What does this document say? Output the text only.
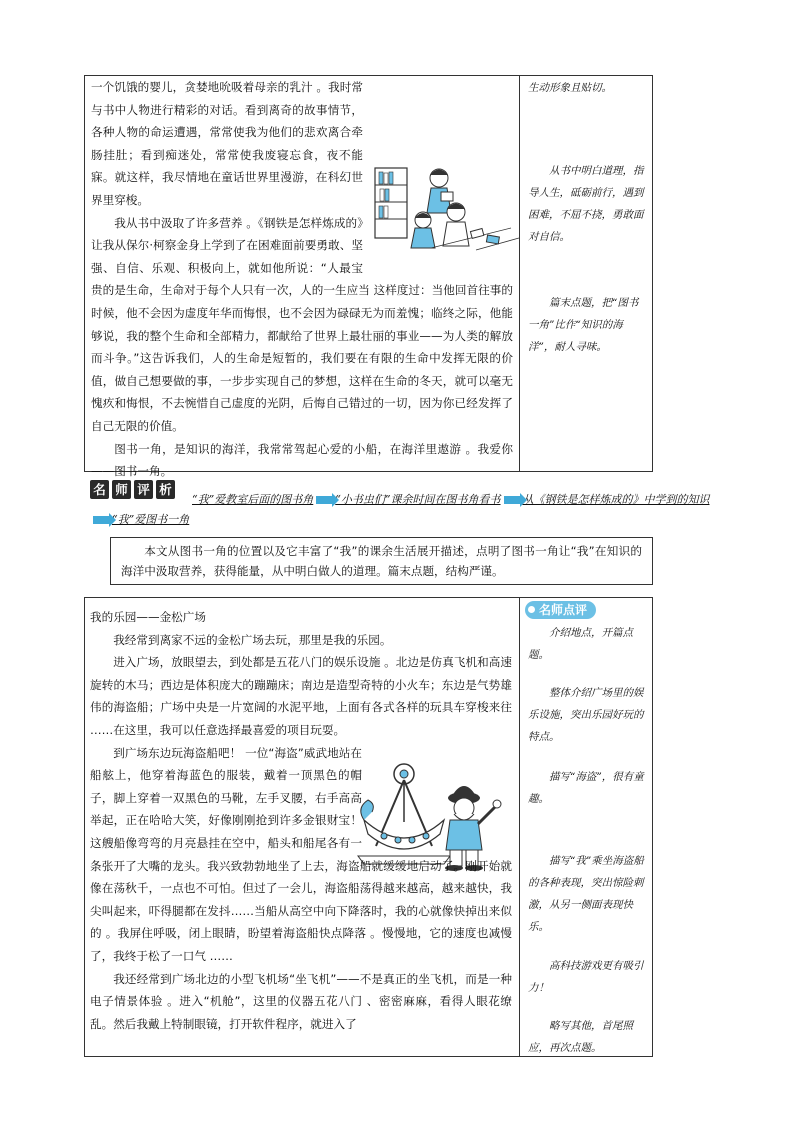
一个饥饿的婴儿，贪婪地吮吸着母亲的乳汁 。我时常与书中人物进行精彩的对话。看到离奇的故事情节，各种人物的命运遭遇，常常使我为他们的悲欢离合牵肠挂肚；看到痴迷处，常常使我废寝忘食，夜不能寐。就这样，我尽情地在童话世界里漫游，在科幻世界里穿梭。

我从书中汲取了许多营养 。《钢铁是怎样炼成的》让我从保尔·柯察金身上学到了在困难面前要勇敢、坚强、自信、乐观、积极向上，就如他所说：“人最宝贵的是生命，生命对于每个人只有一次，人的一生应当 这样度过：当他回首往事的时候，他不会因为虚度年华而悔恨，也不会因为碌碌无为而羞愧；临终之际，他能够说，我的整个生命和全部精力，都献给了世界上最壮丽的事业——为人类的解放而斗争。”这告诉我们，人的生命是短暂的，我们要在有限的生命中发挥无限的价值，做自己想要做的事，一步步实现自己的梦想，这样在生命的冬天，就可以毫无愧疚和悔恨，不去惋惜自己虚度的光阴，后悔自己错过的一切，因为你已经发挥了自己无限的价值。

图书一角，是知识的海洋，我常常驾起心爱的小船，在海洋里遨游 。我爱你——图书一角。

生动形象且贴切。
从书中明白道理，指导人生，砥砺前行，遇到困难，不屈不挠，勇敢面对自信。
篇末点题，把“图书一角”比作“知识的海洋”，耐人寻味。
名 师 评 析
“我”爱教室后面的图书角 “小书虫们”课余时间在图书角看书 从《钢铁是怎样炼成的》中学到的知识“我”爱图书一角
本文从图书一角的位置以及它丰富了“我”的课余生活展开描述，点明了图书一角让“我”在知识的海洋中汲取营养，获得能量，从中明白做人的道理。篇末点题，结构严谨。
名师点评

我的乐园——金松广场

我经常到离家不远的金松广场去玩，那里是我的乐园。

进入广场，放眼望去，到处都是五花八门的娱乐设施 。北边是仿真飞机和高速旋转的木马；西边是体积庞大的蹦蹦床；南边是造型奇特的小火车；东边是气势雄伟的海盗船；广场中央是一片宽阔的水泥平地，上面有各式各样的玩具车穿梭来往 ……在这里，我可以任意选择最喜爱的项目玩耍。

到广场东边玩海盗船吧！ 一位“海盗”威武地站在船舷上，他穿着海蓝色的服装，戴着一顶黑色的帽子，脚上穿着一双黑色的马靴，左手叉腰，右手高高举起，正在哈哈大笑，好像刚刚抢到许多金银财宝！这艘船像弯弯的月亮悬挂在空中，船头和船尾各有一条张开了大嘴的龙头。我兴致勃勃地坐了上去，海盗船就缓缓地启动了。刚开始就像在荡秋千，一点也不可怕。但过了一会儿，海盗船荡得越来越高，越来越快，我尖叫起来，吓得腿都在发抖……当船从高空中向下降落时，我的心就像快掉出来似的 。我屏住呼吸，闭上眼睛，盼望着海盗船快点降落 。慢慢地，它的速度也减慢了，我终于松了一口气 ……

我还经常到广场北边的小型飞机场“坐飞机”——不是真正的坐飞机，而是一种电子情景体验 。进入“机舱”，这里的仪器五花八门 、密密麻麻，看得人眼花缭乱。然后我戴上特制眼镜，打开软件程序，就进入了

介绍地点，开篇点题。
整体介绍广场里的娱乐设施，突出乐园好玩的特点。
描写“海盗”，很有童趣。
描写“我”乘坐海盗船的各种表现，突出惊险刺激，从另一侧面表现快乐。
高科技游戏更有吸引力！
略写其他，首尾照应，再次点题。
